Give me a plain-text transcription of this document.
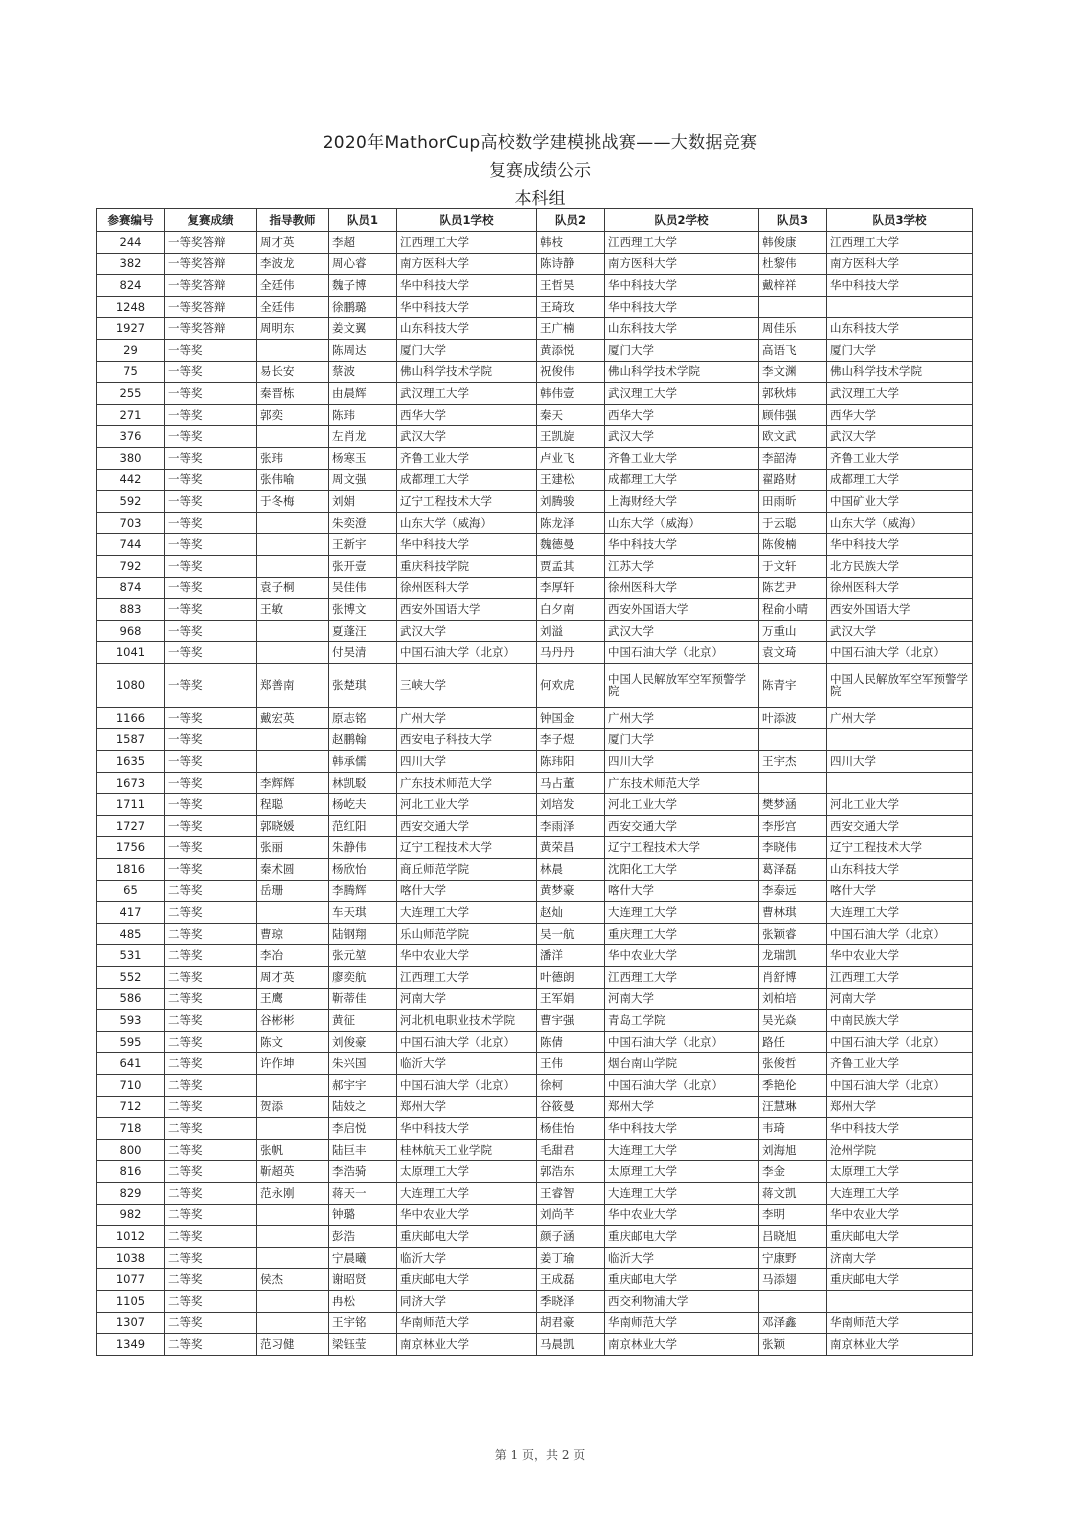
2020年MathorCup高校数学建模挑战赛——大数据竞赛
复赛成绩公示
本科组
参赛编号	复赛成绩	指导教师	队员1	队员1学校	队员2	队员2学校	队员3	队员3学校
244	一等奖答辩	周才英	李超	江西理工大学	韩枝	江西理工大学	韩俊康	江西理工大学
382	一等奖答辩	李波龙	周心睿	南方医科大学	陈诗静	南方医科大学	杜黎伟	南方医科大学
824	一等奖答辩	全廷伟	魏子博	华中科技大学	王哲昊	华中科技大学	戴梓祥	华中科技大学
1248	一等奖答辩	全廷伟	徐鹏璐	华中科技大学	王琦玫	华中科技大学		
1927	一等奖答辩	周明东	姜文翼	山东科技大学	王广楠	山东科技大学	周佳乐	山东科技大学
29	一等奖		陈周达	厦门大学	黄添悦	厦门大学	高语飞	厦门大学
75	一等奖	易长安	蔡波	佛山科学技术学院	祝俊伟	佛山科学技术学院	李文渊	佛山科学技术学院
255	一等奖	秦晋栋	由晨辉	武汉理工大学	韩伟壹	武汉理工大学	郭秋炜	武汉理工大学
271	一等奖	郭奕	陈玮	西华大学	秦天	西华大学	顾伟强	西华大学
376	一等奖		左肖龙	武汉大学	王凯旋	武汉大学	欧文武	武汉大学
380	一等奖	张玮	杨寒玉	齐鲁工业大学	卢业飞	齐鲁工业大学	李韶涛	齐鲁工业大学
442	一等奖	张伟喻	周文强	成都理工大学	王建松	成都理工大学	翟路财	成都理工大学
592	一等奖	于冬梅	刘娟	辽宁工程技术大学	刘腾骏	上海财经大学	田雨昕	中国矿业大学
703	一等奖		朱奕澄	山东大学（威海）	陈龙泽	山东大学（威海）	于云聪	山东大学（威海）
744	一等奖		王新宇	华中科技大学	魏德曼	华中科技大学	陈俊楠	华中科技大学
792	一等奖		张开壹	重庆科技学院	贾孟其	江苏大学	于文轩	北方民族大学
874	一等奖	袁子桐	吴佳伟	徐州医科大学	李厚轩	徐州医科大学	陈艺尹	徐州医科大学
883	一等奖	王敏	张博文	西安外国语大学	白夕南	西安外国语大学	程俞小晴	西安外国语大学
968	一等奖		夏蓬汪	武汉大学	刘溢	武汉大学	万重山	武汉大学
1041	一等奖		付昊清	中国石油大学（北京）	马丹丹	中国石油大学（北京）	袁文琦	中国石油大学（北京）
1080	一等奖	郑善南	张楚琪	三峡大学	何欢虎	中国人民解放军空军预警学院	陈青宇	中国人民解放军空军预警学院
1166	一等奖	戴宏英	原志铭	广州大学	钟国金	广州大学	叶添波	广州大学
1587	一等奖		赵鹏翰	西安电子科技大学	李子煜	厦门大学		
1635	一等奖		韩承儒	四川大学	陈玮阳	四川大学	王宇杰	四川大学
1673	一等奖	李辉辉	林凯駁	广东技术师范大学	马占董	广东技术师范大学		
1711	一等奖	程聪	杨屹夫	河北工业大学	刘培发	河北工业大学	樊梦涵	河北工业大学
1727	一等奖	郭晓媛	范红阳	西安交通大学	李雨泽	西安交通大学	李彤宫	西安交通大学
1756	一等奖	张丽	朱静伟	辽宁工程技术大学	黄荣昌	辽宁工程技术大学	李晓伟	辽宁工程技术大学
1816	一等奖	秦术圆	杨欣怡	商丘师范学院	林晨	沈阳化工大学	葛泽磊	山东科技大学
65	二等奖	岳珊	李腾辉	喀什大学	黄梦豪	喀什大学	李泰远	喀什大学
417	二等奖		车天琪	大连理工大学	赵灿	大连理工大学	曹林琪	大连理工大学
485	二等奖	曹琼	陆钢翔	乐山师范学院	吴一航	重庆理工大学	张颖睿	中国石油大学（北京）
531	二等奖	李冶	张元堃	华中农业大学	潘洋	华中农业大学	龙瑞凯	华中农业大学
552	二等奖	周才英	廖奕航	江西理工大学	叶德朗	江西理工大学	肖舒博	江西理工大学
586	二等奖	王鹰	靳蒂佳	河南大学	王军娟	河南大学	刘柏培	河南大学
593	二等奖	谷彬彬	黄征	河北机电职业技术学院	曹宇强	青岛工学院	吴光焱	中南民族大学
595	二等奖	陈文	刘俊豪	中国石油大学（北京）	陈倩	中国石油大学（北京）	路任	中国石油大学（北京）
641	二等奖	许作坤	朱兴国	临沂大学	王伟	烟台南山学院	张俊哲	齐鲁工业大学
710	二等奖		郝宇宇	中国石油大学（北京）	徐柯	中国石油大学（北京）	季艳伦	中国石油大学（北京）
712	二等奖	贺添	陆妓之	郑州大学	谷筱曼	郑州大学	汪慧琳	郑州大学
718	二等奖		李启悦	华中科技大学	杨佳怡	华中科技大学	韦琦	华中科技大学
800	二等奖	张帆	陆巨丰	桂林航天工业学院	毛甜君	大连理工大学	刘海旭	沧州学院
816	二等奖	靳超英	李浩骑	太原理工大学	郭浩东	太原理工大学	李金	太原理工大学
829	二等奖	范永刚	蒋天一	大连理工大学	王睿智	大连理工大学	蒋文凯	大连理工大学
982	二等奖		钟璐	华中农业大学	刘尚芊	华中农业大学	李明	华中农业大学
1012	二等奖		彭浩	重庆邮电大学	颜子涵	重庆邮电大学	吕晓旭	重庆邮电大学
1038	二等奖		宁晨曦	临沂大学	姜丁瑜	临沂大学	宁康野	济南大学
1077	二等奖	侯杰	谢昭贤	重庆邮电大学	王成磊	重庆邮电大学	马添翅	重庆邮电大学
1105	二等奖		冉松	同济大学	季晓泽	西交利物浦大学		
1307	二等奖		王宇铭	华南师范大学	胡君豪	华南师范大学	邓泽鑫	华南师范大学
1349	二等奖	范习健	梁钰莹	南京林业大学	马晨凯	南京林业大学	张颖	南京林业大学
第 1 页，共 2 页
